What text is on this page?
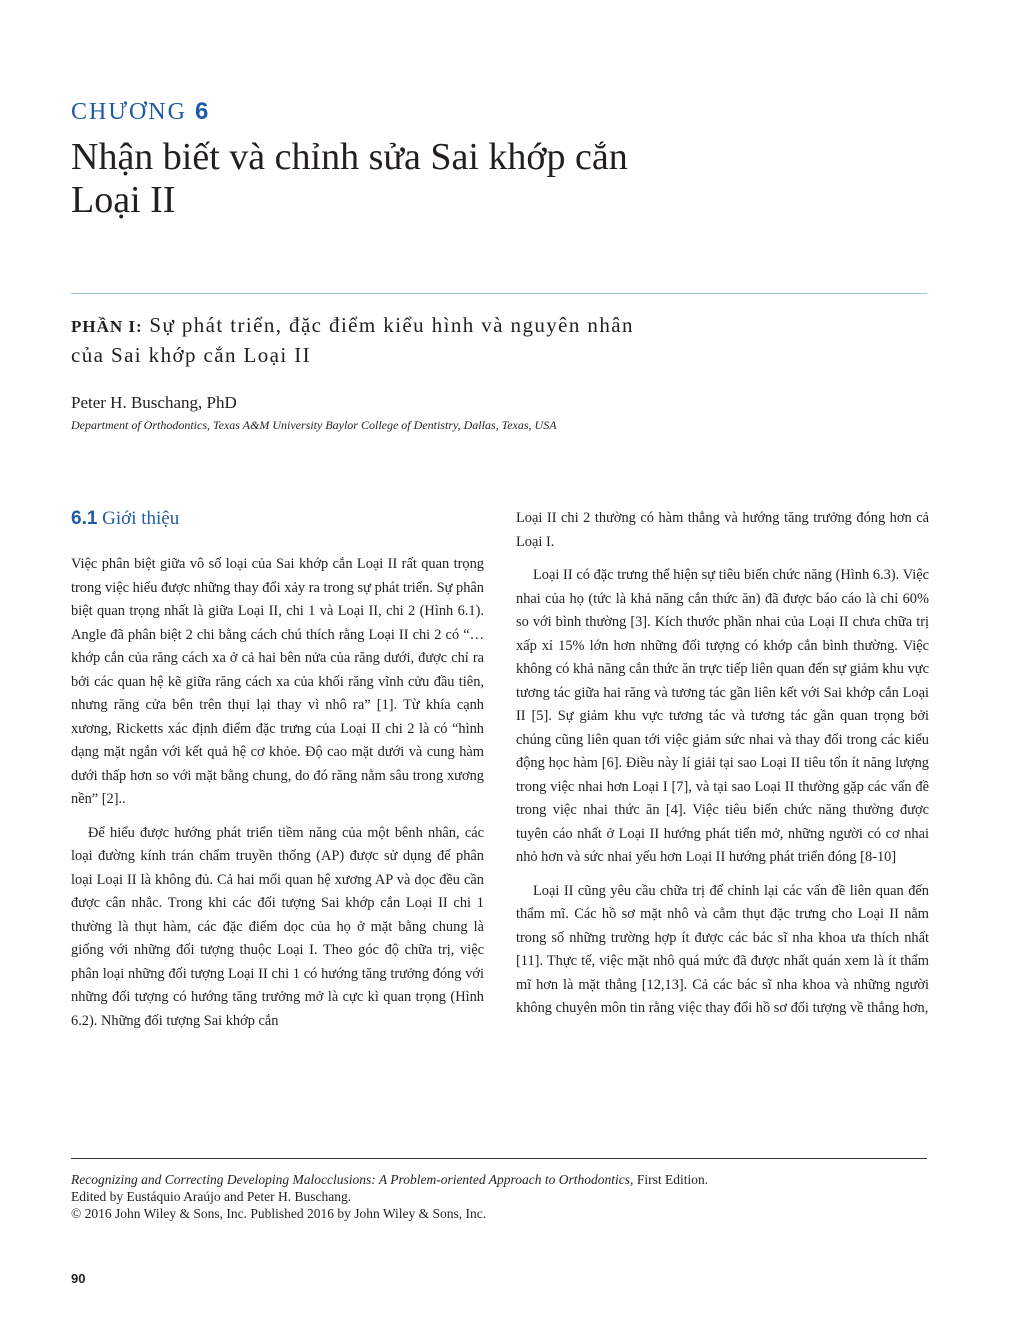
CHƯƠNG 6
Nhận biết và chỉnh sửa Sai khớp cắn
Loại II
PHẦN I: Sự phát triển, đặc điểm kiểu hình và nguyên nhân
của Sai khớp cắn Loại II
Peter H. Buschang, PhD
Department of Orthodontics, Texas A&M University Baylor College of Dentistry, Dallas, Texas, USA
6.1 Giới thiệu

Việc phân biệt giữa vô số loại của Sai khớp cắn Loại II rất quan trọng trong việc hiểu được những thay đổi xảy ra trong sự phát triển. Sự phân biệt quan trọng nhất là giữa Loại II, chi 1 và Loại II, chi 2 (Hình 6.1). Angle đã phân biệt 2 chi bằng cách chú thích rằng Loại II chi 2 có “… khớp cắn của răng cách xa ở cả hai bên nửa của răng dưới, được chỉ ra bởi các quan hệ kẽ giữa răng cách xa của khối răng vĩnh cửu đầu tiên, nhưng răng cửa bên trên thụi lại thay vì nhô ra” [1]. Từ khía cạnh xương, Ricketts xác định điểm đặc trưng của Loại II chi 2 là có “hình dạng mặt ngắn với kết quả hệ cơ khỏe. Độ cao mặt dưới và cung hàm dưới thấp hơn so với mặt bằng chung, do đó răng nằm sâu trong xương nền” [2]..

Để hiểu được hướng phát triển tiềm năng của một bênh nhân, các loại đường kính trán chẩm truyền thống (AP) được sử dụng để phân loại Loại II là không đủ. Cả hai mối quan hệ xương AP và dọc đều cần được cân nhắc. Trong khi các đối tượng Sai khớp cắn Loại II chi 1 thường là thụt hàm, các đặc điểm dọc của họ ở mặt bằng chung là giống với những đối tượng thuộc Loại I. Theo góc độ chữa trị, việc phân loại những đối tượng Loại II chi 1 có hướng tăng trưởng đóng với những đối tượng có hướng tăng trưởng mở là cực kì quan trọng (Hình 6.2). Những đối tượng Sai khớp cắn

Loại II chi 2 thường có hàm thẳng và hướng tăng trưởng đóng hơn cả Loại I.

Loại II có đặc trưng thể hiện sự tiêu biến chức năng (Hình 6.3). Việc nhai của họ (tức là khả năng cắn thức ăn) đã được báo cáo là chỉ 60% so với bình thường [3]. Kích thước phần nhai của Loại II chưa chữa trị xấp xỉ 15% lớn hơn những đối tượng có khớp cắn bình thường. Việc không có khả năng cắn thức ăn trực tiếp liên quan đến sự giảm khu vực tương tác giữa hai răng và tương tác gần liên kết với Sai khớp cắn Loại II [5]. Sự giảm khu vực tương tác và tương tác gần quan trọng bởi chúng cũng liên quan tới việc giảm sức nhai và thay đổi trong các kiểu động học hàm [6]. Điều này lí giải tại sao Loại II tiêu tốn ít năng lượng trong việc nhai hơn Loại I [7], và tại sao Loại II thường gặp các vấn đề trong việc nhai thức ăn [4]. Việc tiêu biến chức năng thường được tuyên cáo nhất ở Loại II hướng phát tiển mở, những người có cơ nhai nhỏ hơn và sức nhai yếu hơn Loại II hướng phát triển đóng [8-10]

Loại II cũng yêu cầu chữa trị để chỉnh lại các vấn đề liên quan đến thẩm mĩ. Các hồ sơ mặt nhô và cằm thụt đặc trưng cho Loại II nằm trong số những trường hợp ít được các bác sĩ nha khoa ưa thích nhất [11]. Thực tế, việc mặt nhô quá mức đã được nhất quán xem là ít thẩm mĩ hơn là mặt thẳng [12,13]. Cả các bác sĩ nha khoa và những người không chuyên môn tin rằng việc thay đổi hồ sơ đối tượng về thẳng hơn,

Recognizing and Correcting Developing Malocclusions: A Problem-oriented Approach to Orthodontics, First Edition.
Edited by Eustáquio Araújo and Peter H. Buschang.
© 2016 John Wiley & Sons, Inc. Published 2016 by John Wiley & Sons, Inc.
90
